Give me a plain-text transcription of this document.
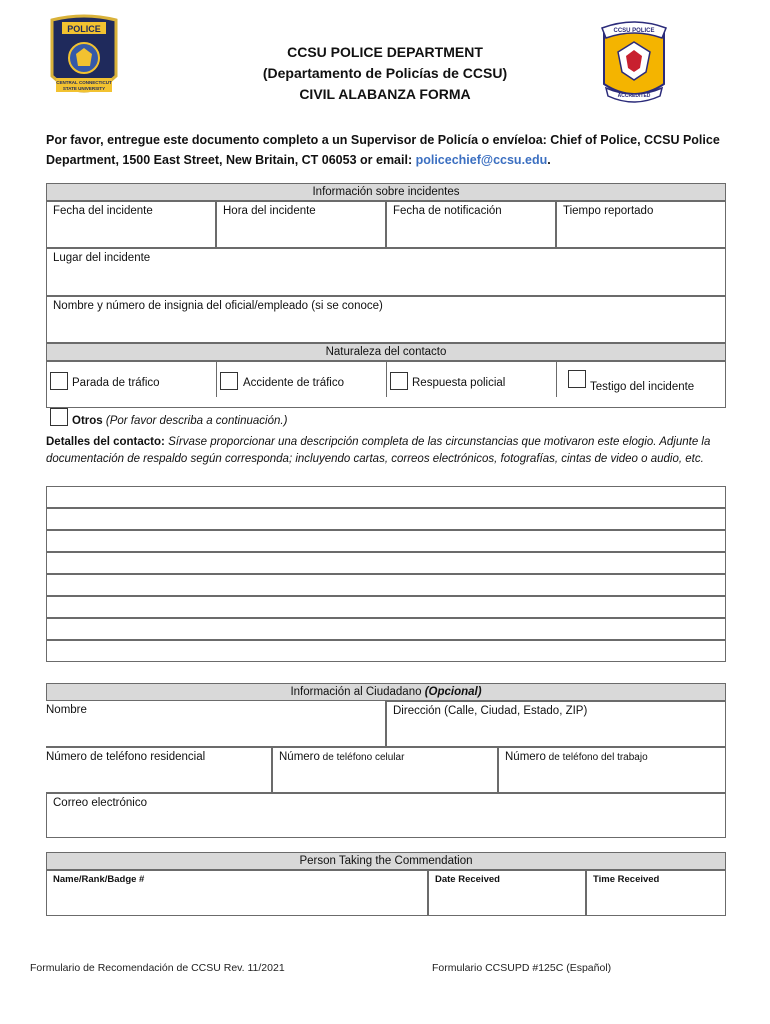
POLICE
CENTRAL CONNECTICUT
STATE UNIVERSITY
CCSU POLICE
ACCREDITED
CCSU POLICE DEPARTMENT
(Departamento de Policías de CCSU)
CIVIL ALABANZA FORMA
Por favor, entregue este documento completo a un Supervisor de Policía o envíeloa: Chief of Police, CCSU Police Department, 1500 East Street, New Britain, CT 06053 or email: policechief@ccsu.edu.
Información sobre incidentes
Fecha del incidente	Hora del incidente	Fecha de notificación	Tiempo reportado
Lugar del incidente
Nombre y número de insignia del oficial/empleado (si se conoce)
Naturaleza del contacto
Parada de tráfico	Accidente de tráfico	Respuesta policial	Testigo del incidente
Otros (Por favor describa a continuación.)
Detalles del contacto: Sírvase proporcionar una descripción completa de las circunstancias que motivaron este elogio. Adjunte la documentación de respaldo según corresponda; incluyendo cartas, correos electrónicos, fotografías, cintas de video o audio, etc.
Información al Ciudadano (Opcional)
Nombre	Dirección (Calle, Ciudad, Estado, ZIP)
Número de teléfono residencial	Número de teléfono celular	Número de teléfono del trabajo
Correo electrónico
Person Taking the Commendation
Name/Rank/Badge #	Date Received	Time Received
Formulario de Recomendación de CCSU Rev. 11/2021	Formulario CCSUPD #125C (Español)
